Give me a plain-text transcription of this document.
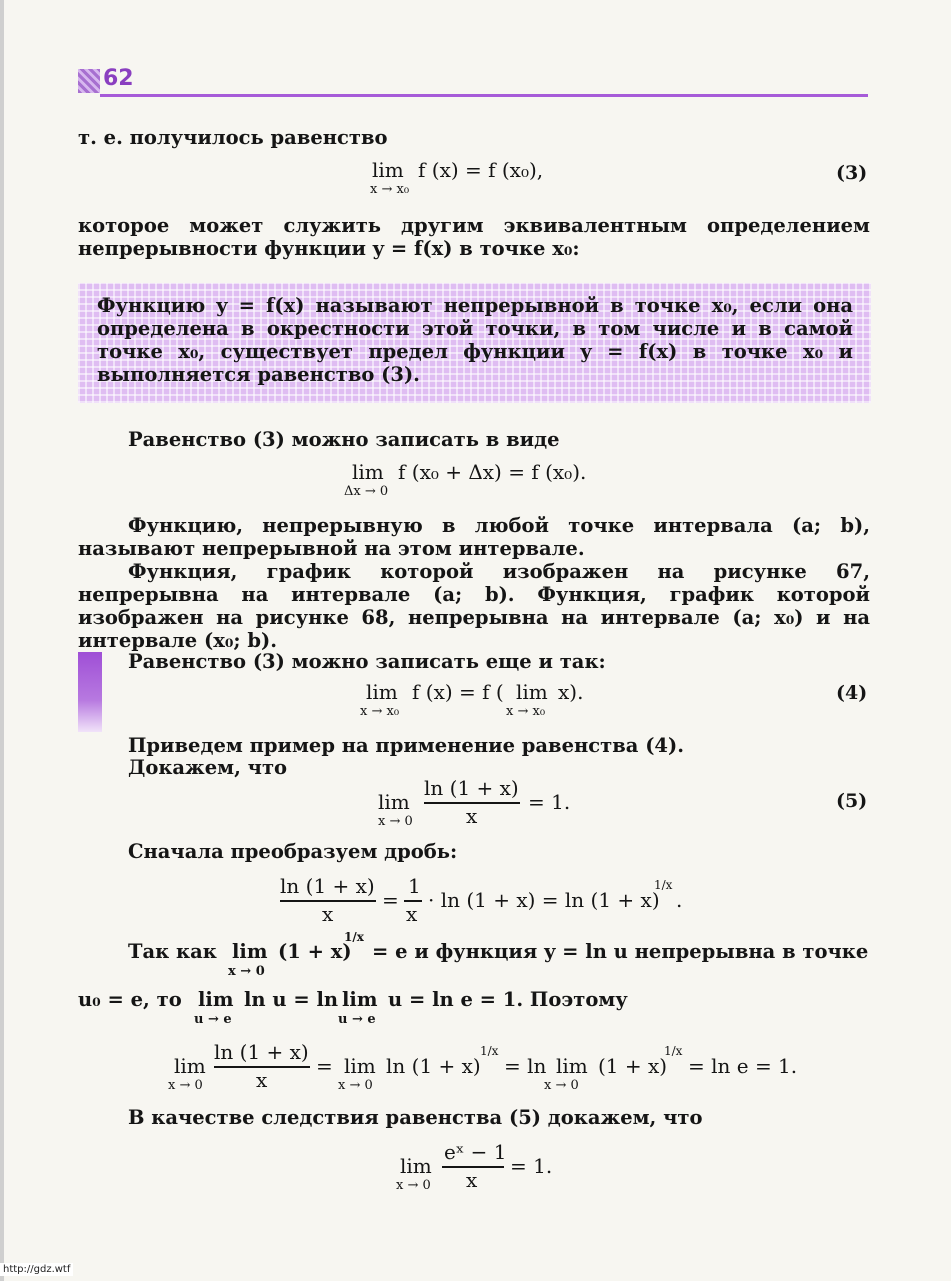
62
т. е. получилось равенство
lim
x → x₀
f (x) = f (x₀),	(3)
которое может служить другим эквивалентным определением непрерывности функции y = f(x) в точке x₀:
Функцию y = f(x) называют непрерывной в точке x₀, если она определена в окрестности этой точки, в том числе и в самой точке x₀, существует предел функции y = f(x) в точке x₀ и выполняется равенство (3).
Равенство (3) можно записать в виде
lim
Δx → 0
f (x₀ + Δx) = f (x₀).
Функцию, непрерывную в любой точке интервала (a; b), называют непрерывной на этом интервале.
Функция, график которой изображен на рисунке 67, непрерывна на интервале (a; b). Функция, график которой изображен на рисунке 68, непрерывна на интервале (a; x₀) и на интервале (x₀; b).
Равенство (3) можно записать еще и так:
lim
x → x₀
f (x) = f ( lim
x → x₀
x).	(4)
Приведем пример на применение равенства (4).
Докажем, что
lim
x → 0
ln (1 + x)
x
= 1.	(5)
Сначала преобразуем дробь:
ln (1 + x)
x
=
1
x
· ln (1 + x) = ln (1 + x)
1/x
.
Так как lim
x → 0
(1 + x)
1/x
= e и функция y = ln u непрерывна в точке
u₀ = e, то lim
u → e
ln u = ln lim
u → e
u = ln e = 1. Поэтому
lim
x → 0
ln (1 + x)
x
= lim
x → 0
ln (1 + x)
1/x
= ln lim
x → 0
(1 + x)
1/x
= ln e = 1.
В качестве следствия равенства (5) докажем, что
lim
x → 0
eˣ − 1
x
= 1.
http://gdz.wtf
